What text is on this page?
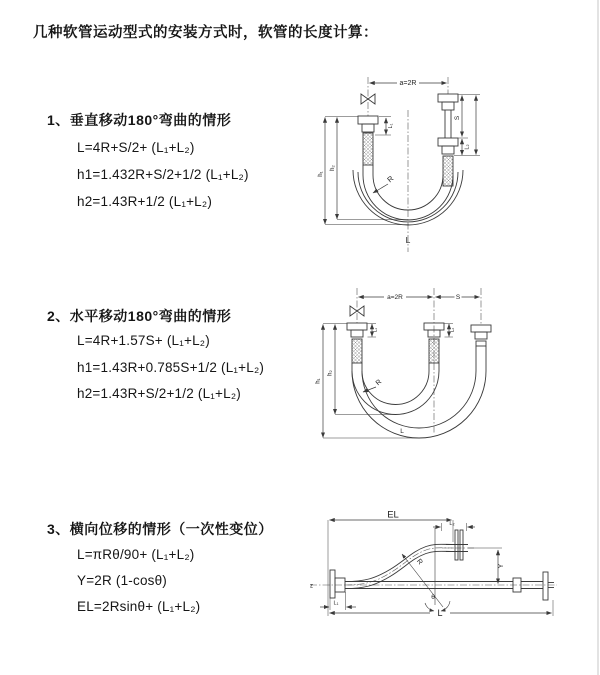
几种软管运动型式的安装方式时，软管的长度计算：
1、垂直移动180°弯曲的情形
L=4R+S/2+ (L₁+L₂)
h1=1.432R+S/2+1/2 (L₁+L₂)
h2=1.43R+1/2 (L₁+L₂)
2、水平移动180°弯曲的情形
L=4R+1.57S+ (L₁+L₂)
h1=1.43R+0.785S+1/2 (L₁+L₂)
h2=1.43R+S/2+1/2 (L₁+L₂)
3、横向位移的情形（一次性变位）
L=πRθ/90+ (L₁+L₂)
Y=2R (1-cosθ)
EL=2Rsinθ+ (L₁+L₂)
a=2R
L₁
S
L₂
h₁
h₂
R
L
a=2R	S
L₁	L₂
h₁
h₂
R
L
EL
L₂
L₁
Y
R
θ
L
z
